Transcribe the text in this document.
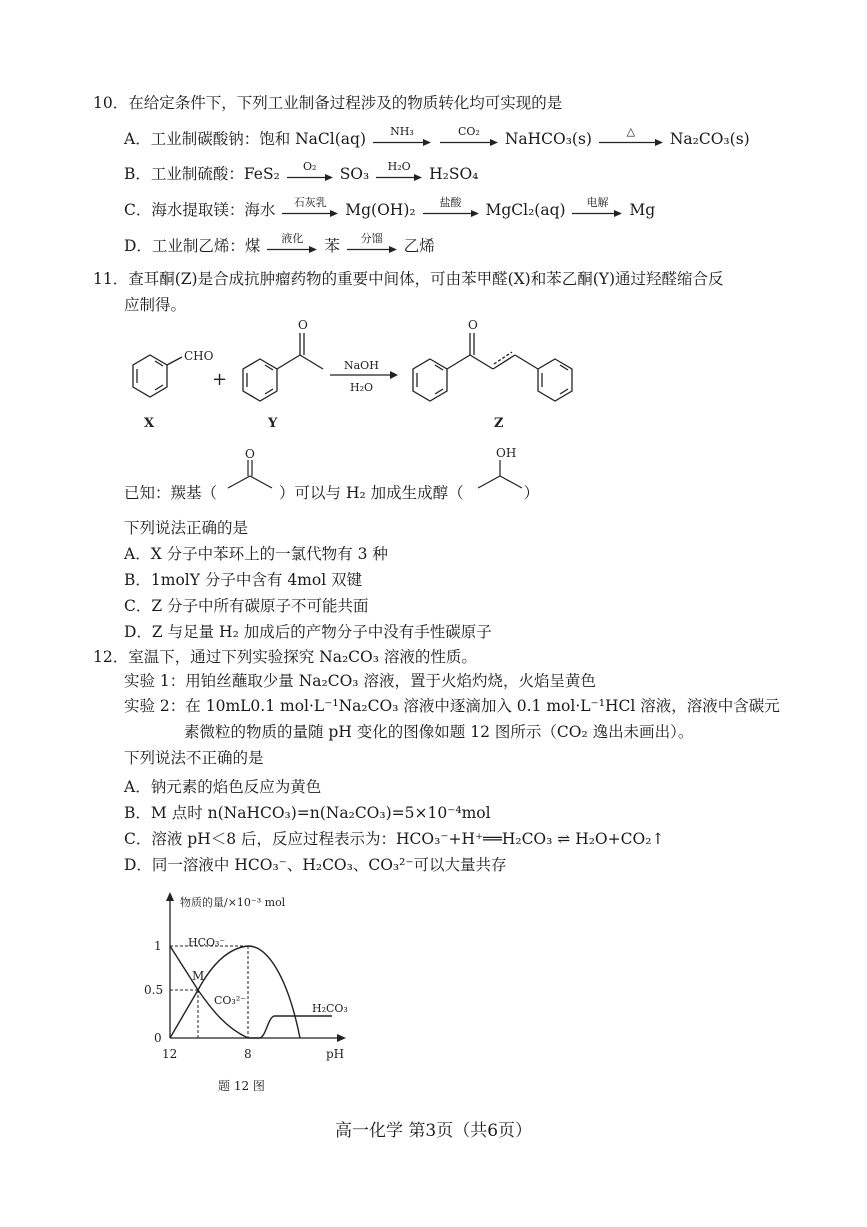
10．在给定条件下，下列工业制备过程涉及的物质转化均可实现的是
A．工业制碳酸钠：饱和 NaCl(aq)	NH₃
	CO₂ NaHCO₃(s)	△ Na₂CO₃(s)
B．工业制硫酸：FeS₂	O₂ SO₃	H₂O H₂SO₄
C．海水提取镁：海水	石灰乳 Mg(OH)₂	盐酸 MgCl₂(aq)	电解 Mg
D．工业制乙烯：煤	液化 苯	分馏 乙烯
11．查耳酮(Z)是合成抗肿瘤药物的重要中间体，可由苯甲醛(X)和苯乙酮(Y)通过羟醛缩合反
应制得。
CHO
+
O	O
NaOH
H₂O
X	Y	Z
已知：羰基（	）可以与 H₂ 加成生成醇（	）
O	OH
下列说法正确的是
A．X 分子中苯环上的一氯代物有 3 种
B．1molY 分子中含有 4mol 双键
C．Z 分子中所有碳原子不可能共面
D．Z 与足量 H₂ 加成后的产物分子中没有手性碳原子
12．室温下，通过下列实验探究 Na₂CO₃ 溶液的性质。
实验 1：用铂丝蘸取少量 Na₂CO₃ 溶液，置于火焰灼烧，火焰呈黄色
实验 2：在 10mL0.1 mol·L⁻¹Na₂CO₃ 溶液中逐滴加入 0.1 mol·L⁻¹HCl 溶液，溶液中含碳元
素微粒的物质的量随 pH 变化的图像如题 12 图所示（CO₂ 逸出未画出）。
下列说法不正确的是
A．钠元素的焰色反应为黄色
B．M 点时 n(NaHCO₃)=n(Na₂CO₃)=5×10⁻⁴mol
C．溶液 pH＜8 后，反应过程表示为：HCO₃⁻+H⁺══H₂CO₃ ⇌ H₂O+CO₂↑
D．同一溶液中 HCO₃⁻、H₂CO₃、CO₃²⁻可以大量共存
1
0.5
0
12	8	pH
物质的量/×10⁻³ mol
HCO₃⁻
M
CO₃²⁻
H₂CO₃
题 12 图
高一化学 第3页（共6页）
